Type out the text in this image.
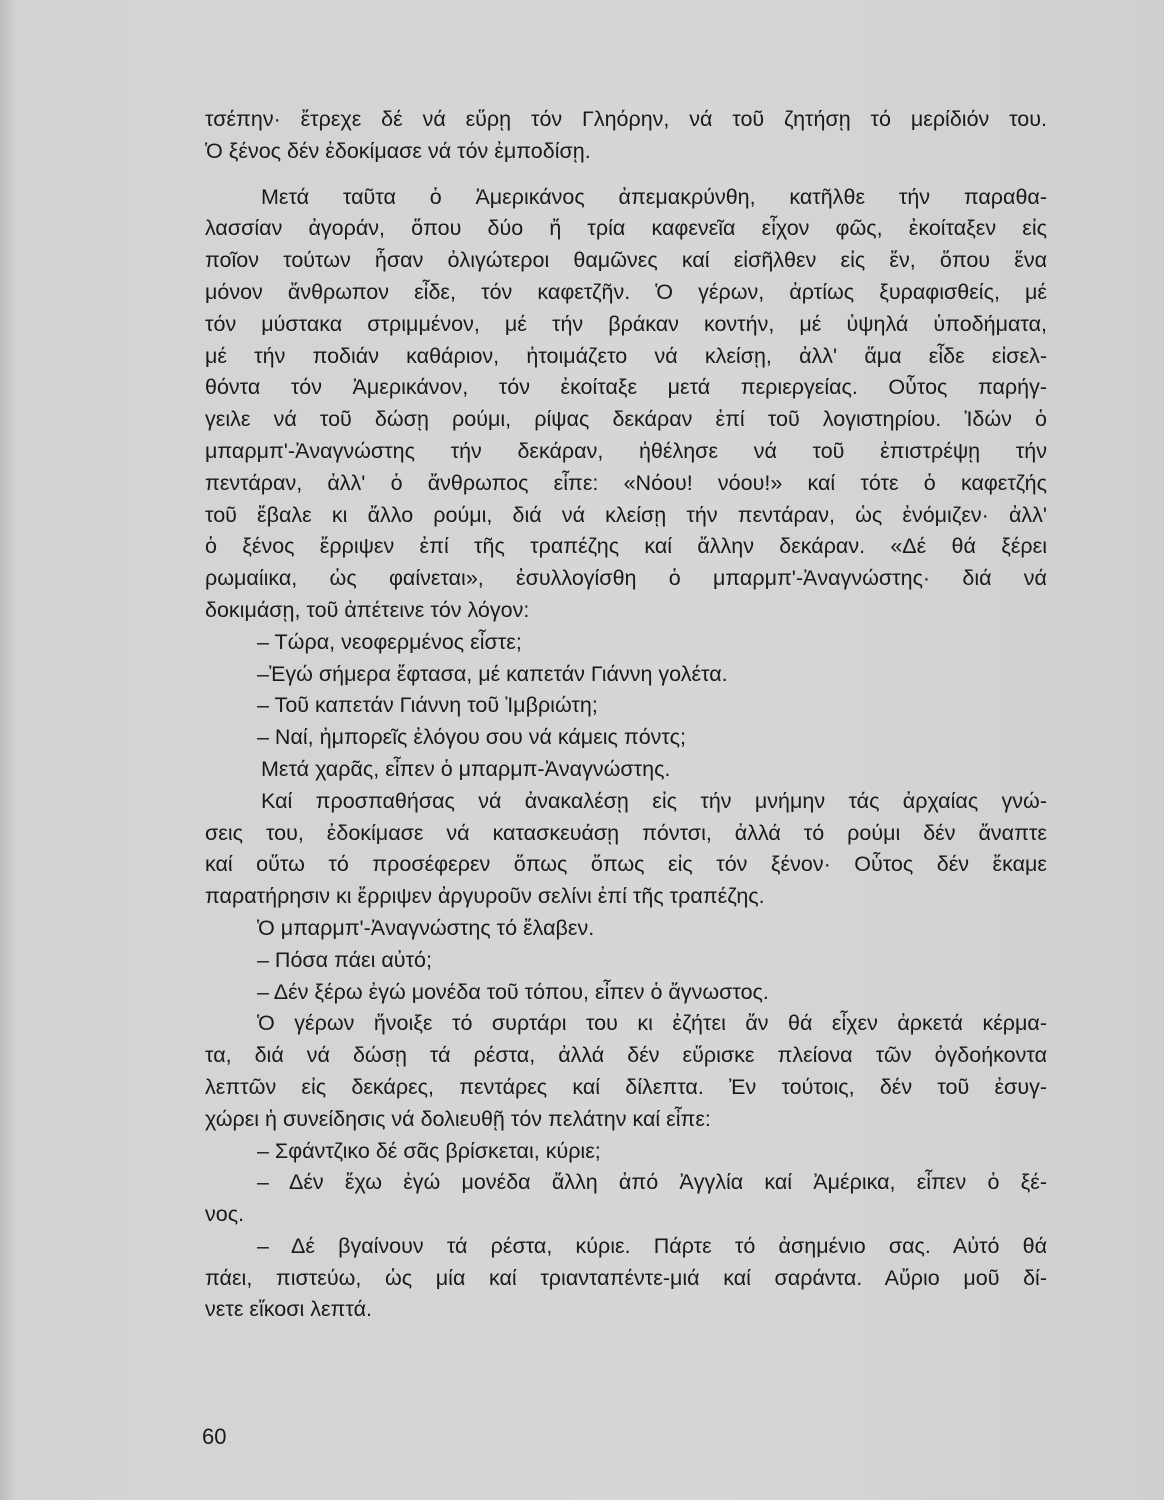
τσέπην· ἔτρεχε δέ νά εὕρῃ τόν Γληόρην, νά τοῦ ζητήσῃ τό μερίδιόν του.
Ὁ ξένος δέν ἐδοκίμασε νά τόν ἐμποδίσῃ.
Μετά ταῦτα ὁ Ἀμερικάνος ἀπεμακρύνθη, κατῆλθε τήν παραθα-
λασσίαν ἀγοράν, ὅπου δύο ἤ τρία καφενεῖα εἶχον φῶς, ἐκοίταξεν εἰς
ποῖον τούτων ἦσαν ὀλιγώτεροι θαμῶνες καί εἰσῆλθεν εἰς ἕν, ὅπου ἕνα
μόνον ἄνθρωπον εἶδε, τόν καφετζῆν. Ὁ γέρων, ἀρτίως ξυραφισθείς, μέ
τόν μύστακα στριμμένον, μέ τήν βράκαν κοντήν, μέ ὑψηλά ὑποδήματα,
μέ τήν ποδιάν καθάριον, ἡτοιμάζετο νά κλείσῃ, ἀλλ' ἅμα εἶδε εἰσελ-
θόντα τόν Ἀμερικάνον, τόν ἐκοίταξε μετά περιεργείας. Οὗτος παρήγ-
γειλε νά τοῦ δώσῃ ρούμι, ρίψας δεκάραν ἐπί τοῦ λογιστηρίου. Ἰδών ὁ
μπαρμπ'-Ἀναγνώστης τήν δεκάραν, ἠθέλησε νά τοῦ ἐπιστρέψῃ τήν
πεντάραν, ἀλλ' ὁ ἄνθρωπος εἶπε: «Νόου! νόου!» καί τότε ὁ καφετζής
τοῦ ἔβαλε κι ἄλλο ρούμι, διά νά κλείσῃ τήν πεντάραν, ὡς ἐνόμιζεν· ἀλλ'
ὁ ξένος ἔρριψεν ἐπί τῆς τραπέζης καί ἄλλην δεκάραν. «Δέ θά ξέρει
ρωμαίικα, ὡς φαίνεται», ἐσυλλογίσθη ὁ μπαρμπ'-Ἀναγνώστης· διά νά
δοκιμάσῃ, τοῦ ἀπέτεινε τόν λόγον:
– Τώρα, νεοφερμένος εἶστε;
–Ἐγώ σήμερα ἔφτασα, μέ καπετάν Γιάννη γολέτα.
– Τοῦ καπετάν Γιάννη τοῦ Ἰμβριώτη;
– Ναί, ἠμπορεῖς ἐλόγου σου νά κάμεις πόντς;
Μετά χαρᾶς, εἶπεν ὁ μπαρμπ-Ἀναγνώστης.
Καί προσπαθήσας νά ἀνακαλέσῃ εἰς τήν μνήμην τάς ἀρχαίας γνώ-
σεις του, ἐδοκίμασε νά κατασκευάσῃ πόντσι, ἀλλά τό ρούμι δέν ἄναπτε
καί οὕτω τό προσέφερεν ὅπως ὅπως εἰς τόν ξένον· Οὗτος δέν ἔκαμε
παρατήρησιν κι ἔρριψεν ἀργυροῦν σελίνι ἐπί τῆς τραπέζης.
Ὁ μπαρμπ'-Ἀναγνώστης τό ἔλαβεν.
– Πόσα πάει αὐτό;
– Δέν ξέρω ἐγώ μονέδα τοῦ τόπου, εἶπεν ὁ ἄγνωστος.
Ὁ γέρων ἤνοιξε τό συρτάρι του κι ἐζήτει ἄν θά εἶχεν ἀρκετά κέρμα-
τα, διά νά δώσῃ τά ρέστα, ἀλλά δέν εὕρισκε πλείονα τῶν ὀγδοήκοντα
λεπτῶν εἰς δεκάρες, πεντάρες καί δίλεπτα. Ἐν τούτοις, δέν τοῦ ἐσυγ-
χώρει ἡ συνείδησις νά δολιευθῇ τόν πελάτην καί εἶπε:
– Σφάντζικο δέ σᾶς βρίσκεται, κύριε;
– Δέν ἔχω ἐγώ μονέδα ἄλλη ἀπό Ἀγγλία καί Ἀμέρικα, εἶπεν ὁ ξέ-
νος.
– Δέ βγαίνουν τά ρέστα, κύριε. Πάρτε τό ἀσημένιο σας. Αὐτό θά
πάει, πιστεύω, ὡς μία καί τριανταπέντε-μιά καί σαράντα. Αὔριο μοῦ δί-
νετε εἴκοσι λεπτά.
60
